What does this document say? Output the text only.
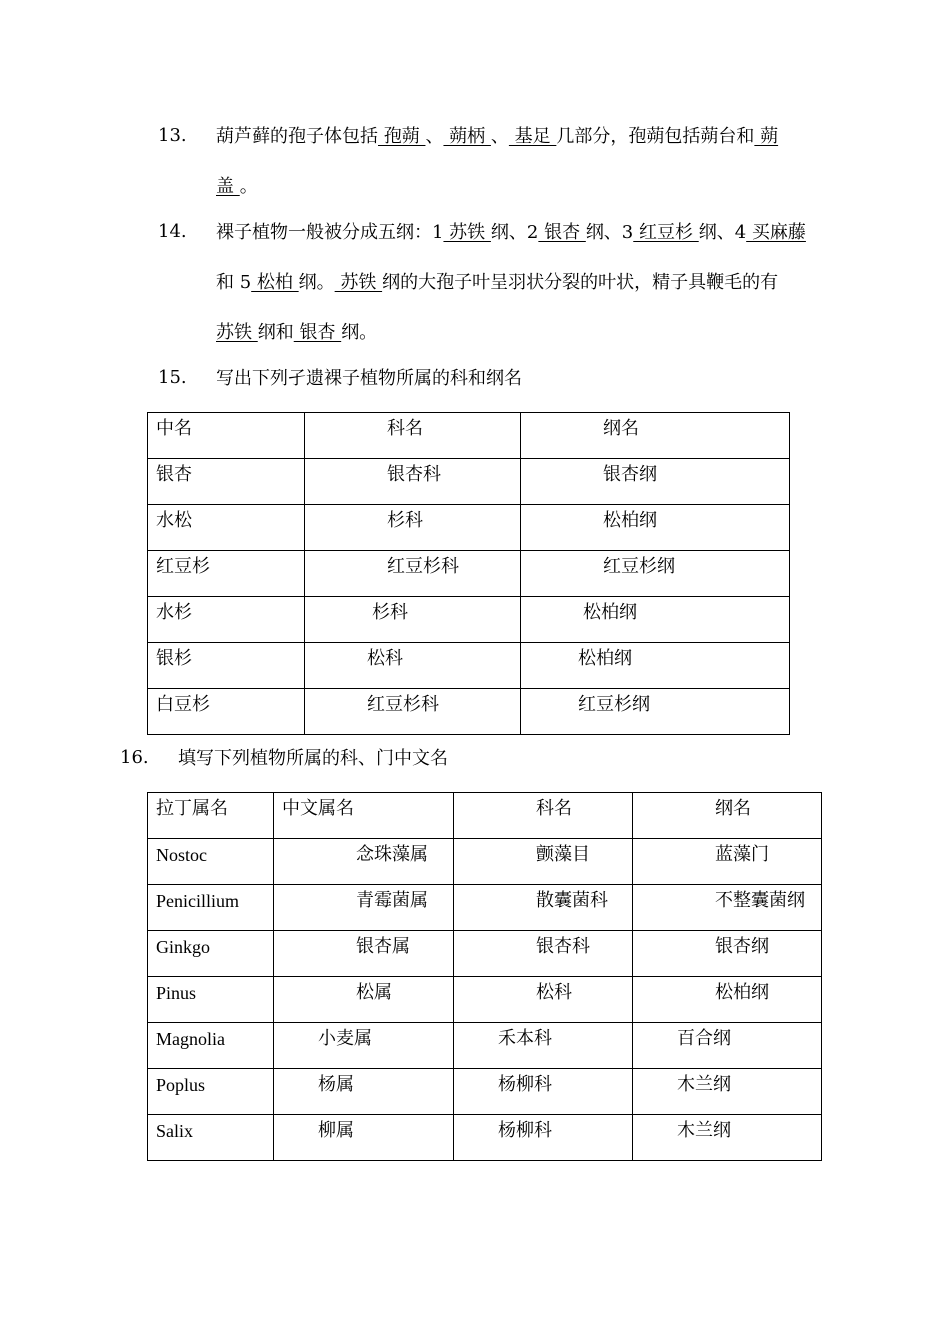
13. 葫芦藓的孢子体包括 孢蒴 、 蒴柄 、 基足 几部分，孢蒴包括蒴台和 蒴
盖 。
14. 裸子植物一般被分成五纲：1 苏铁 纲、2 银杏 纲、3 红豆杉 纲、4 买麻藤
和 5 松柏 纲。 苏铁 纲的大孢子叶呈羽状分裂的叶状，精子具鞭毛的有
苏铁 纲和 银杏 纲。
15. 写出下列孑遗裸子植物所属的科和纲名
中名	科名	纲名
银杏	银杏科	银杏纲
水松	杉科	松柏纲
红豆杉	红豆杉科	红豆杉纲
水杉	杉科	松柏纲
银杉	松科	松柏纲
白豆杉	红豆杉科	红豆杉纲
16. 填写下列植物所属的科、门中文名
拉丁属名	中文属名	科名	纲名
Nostoc	念珠藻属	颤藻目	蓝藻门
Penicillium	青霉菌属	散囊菌科	不整囊菌纲
Ginkgo	银杏属	银杏科	银杏纲
Pinus	松属	松科	松柏纲
Magnolia	小麦属	禾本科	百合纲
Poplus	杨属	杨柳科	木兰纲
Salix	柳属	杨柳科	木兰纲
